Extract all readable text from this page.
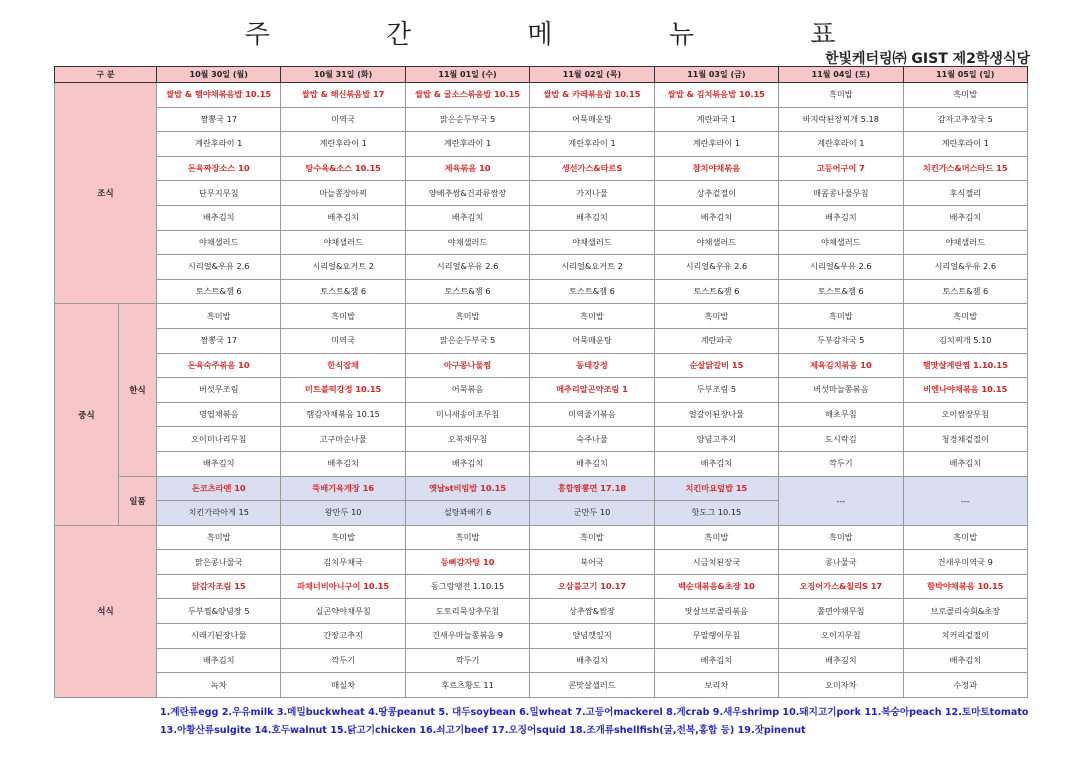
주 간 메 뉴 표
한빛케터링㈜ GIST 제2학생식당
구 분		10월 30일 (월)	10월 31일 (화)	11월 01일 (수)	11월 02일 (목)	11월 03일 (금)	11월 04일 (토)	11월 05일 (일)
조식		쌀밥 & 햄야채볶음밥 10.15	쌀밥 & 해신볶음밥 17	쌀밥 & 굴소스볶음밥 10.15	쌀밥 & 카레볶음밥 10.15	쌀밥 & 김치볶음밥 10.15	흑미밥	흑미밥
		짬뽕국 17	미역국	맑은순두부국 5	어묵매운탕	계란파국 1	바지락된장찌개 5.18	감자고추장국 5
		계란후라이 1	계란후라이 1	계란후라이 1	계란후라이 1	계란후라이 1	계란후라이 1	계란후라이 1
		돈육짜장소스 10	탕수육&소스 10.15	제육볶음 10	생선가스&타르S	참치야채볶음	고등어구이 7	치킨가스&머스타드 15
		단무지무침	마늘쫑장아찌	양배추쌈&건과류쌈장	가지나물	상추겉절이	매콤콩나물무침	후식젤리
		배추김치	배추김치	배추김치	배추김치	배추김치	배추김치	배추김치
		야채샐러드	야채샐러드	야채샐러드	야채샐러드	야채샐러드	야채샐러드	야채샐러드
		시리얼&우유 2.6	시리얼&요거트 2	시리얼&우유 2.6	시리얼&요거트 2	시리얼&우유 2.6	시리얼&우유 2.6	시리얼&우유 2.6
		토스트&잼 6	토스트&잼 6	토스트&잼 6	토스트&잼 6	토스트&잼 6	토스트&잼 6	토스트&잼 6
중식	한식	흑미밥	흑미밥	흑미밥	흑미밥	흑미밥	흑미밥	흑미밥
		짬뽕국 17	미역국	맑은순두부국 5	어묵매운탕	계란파국	두부감자국 5	김치찌개 5.10
		돈육숙주볶음 10	한식잡채	아구콩나물찜	동태강정	순살닭갈비 15	제육김치볶음 10	햄맛살계란찜 1.10.15
		버섯무조림	미트볼떡강정 10.15	어묵볶음	메추리알곤약조림 1	두부조림 5	버섯마늘쫑볶음	비엔나야채볶음 10.15
		명엽채볶음	햄감자채볶음 10.15	미니새송이조무침	미역줄기볶음	얼갈이된장나물	해초무침	오이쌈장무침
		오이미나리무침	고구마순나물	오복채무침	숙주나물	양념고추지	도시락김	청경채겉절이
		배추김치	배추김치	배추김치	배추김치	배추김치	깍두기	배추김치
	일품	돈코츠라멘 10	뚝배기육개장 16	옛날st비빔밥 10.15	홍합짬뽕면 17.18	치킨마요덮밥 15	---	---
		치킨가라아게 15	왕만두 10	설탕꽈배기 6	군만두 10	핫도그 10.15		
석식		흑미밥	흑미밥	흑미밥	흑미밥	흑미밥	흑미밥	흑미밥
		맑은콩나물국	김치무채국	등뼈감자탕 10	북어국	시금치된장국	콩나물국	건새우미역국 9
		닭감자조림 15	파채너비아니구이 10.15	동그랑땡전 1.10.15	오삼불고기 10.17	백순대볶음&초장 10	오징어가스&칠리S 17	함박야채볶음 10.15
		두부찜&양념장 5	실곤약야채무침	도토리묵상추무침	상추쌈&쌈장	맛살브로콜리볶음	쫄면야채무침	브로콜리숙회&초장
		시래기된장나물	간장고추지	건새우마늘쫑볶음 9	양념깻잎지	무말랭이무침	오이지무침	치커리겉절이
		배추김치	깍두기	깍두기	배추김치	배추김치	배추김치	배추김치
		녹차	매실차	후르츠황도 11	콘맛살샐러드	보리차	오미자차	수정과
1.계란류egg 2.우유milk 3.메밀buckwheat 4.땅콩peanut 5. 대두soybean 6.밀wheat 7.고등어mackerel 8.게crab 9.새우shrimp 10.돼지고기pork 11.복숭아peach 12.토마토tomato
13.아황산류sulgite 14.호두walnut 15.닭고기chicken 16.쇠고기beef 17.오징어squid 18.조개류shellfish(굴,전복,홍합 등) 19.잣pinenut
